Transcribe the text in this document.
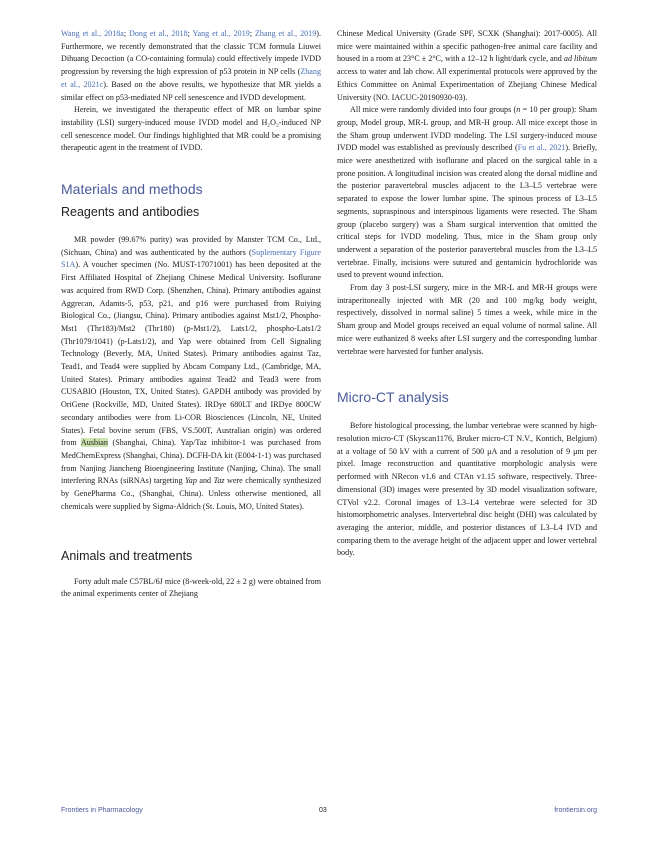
Wang et al., 2018a; Dong et al., 2018; Yang et al., 2019; Zhang et al., 2019). Furthermore, we recently demonstrated that the classic TCM formula Liuwei Dihuang Decoction (a CO-containing formula) could effectively impede IVDD progression by reversing the high expression of p53 protein in NP cells (Zhang et al., 2021c). Based on the above results, we hypothesize that MR yields a similar effect on p53-mediated NP cell senescence and IVDD development.

Herein, we investigated the therapeutic effect of MR on lumbar spine instability (LSI) surgery-induced mouse IVDD model and H₂O₂-induced NP cell senescence model. Our findings highlighted that MR could be a promising therapeutic agent in the treatment of IVDD.

Materials and methods
Reagents and antibodies

MR powder (99.67% purity) was provided by Manster TCM Co., Ltd., (Sichuan, China) and was authenticated by the authors (Suplementary Figure S1A). A voucher specimen (No. MUST-17071001) has been deposited at the First Affiliated Hospital of Zhejiang Chinese Medical University. Isoflurane was acquired from RWD Corp. (Shenzhen, China). Primary antibodies against Aggrecan, Adamts-5, p53, p21, and p16 were purchased from Ruiying Biological Co., (Jiangsu, China). Primary antibodies against Mst1/2, Phospho-Mst1 (Thr183)/Mst2 (Thr180) (p-Mst1/2), Lats1/2, phospho-Lats1/2 (Thr1079/1041) (p-Lats1/2), and Yap were obtained from Cell Signaling Technology (Beverly, MA, United States). Primary antibodies against Taz, Tead1, and Tead4 were supplied by Abcam Company Ltd., (Cambridge, MA, United States). Primary antibodies against Tead2 and Tead3 were from CUSABIO (Houston, TX, United States). GAPDH antibody was provided by OriGene (Rockville, MD, United States). IRDye 680LT and IRDye 800CW secondary antibodies were from Li-COR Biosciences (Lincoln, NE, United States). Fetal bovine serum (FBS, VS.500T, Australian origin) was ordered from Ausbian (Shanghai, China). Yap/Taz inhibitor-1 was purchased from MedChemExpress (Shanghai, China). DCFH-DA kit (E004-1-1) was purchased from Nanjing Jiancheng Bioengineering Institute (Nanjing, China). The small interfering RNAs (siRNAs) targeting Yap and Taz were chemically synthesized by GenePharma Co., (Shanghai, China). Unless otherwise mentioned, all chemicals were supplied by Sigma-Aldrich (St. Louis, MO, United States).

Animals and treatments

Forty adult male C57BL/6J mice (8-week-old, 22 ± 2 g) were obtained from the animal experiments center of Zhejiang

Chinese Medical University (Grade SPF, SCXK (Shanghai): 2017-0005). All mice were maintained within a specific pathogen-free animal care facility and housed in a room at 23°C ± 2°C, with a 12–12 h light/dark cycle, and ad libitum access to water and lab chow. All experimental protocols were approved by the Ethics Committee on Animal Experimentation of Zhejiang Chinese Medical University (NO. IACUC-20190930-03).

All mice were randomly divided into four groups (n = 10 per group): Sham group, Model group, MR-L group, and MR-H group. All mice except those in the Sham group underwent IVDD modeling. The LSI surgery-induced mouse IVDD model was established as previously described (Fu et al., 2021). Briefly, mice were anesthetized with isoflurane and placed on the surgical table in a prone position. A longitudinal incision was created along the dorsal midline and the posterior paravertebral muscles adjacent to the L3–L5 vertebrae were separated to expose the lower lumbar spine. The spinous process of L3–L5 segments, supraspinous and interspinous ligaments were resected. The Sham group (placebo surgery) was a Sham surgical intervention that omitted the critical steps for IVDD modeling. Thus, mice in the Sham group only underwent a separation of the posterior paravertebral muscles from the L3–L5 vertebrae. Finally, incisions were sutured and gentamicin hydrochloride was used to prevent wound infection.

From day 3 post-LSI surgery, mice in the MR-L and MR-H groups were intraperitoneally injected with MR (20 and 100 mg/kg body weight, respectively, dissolved in normal saline) 5 times a week, while mice in the Sham group and Model groups received an equal volume of normal saline. All mice were euthanized 8 weeks after LSI surgery and the corresponding lumbar vertebrae were harvested for further analysis.

Micro-CT analysis

Before histological processing, the lumbar vertebrae were scanned by high-resolution micro-CT (Skyscan1176, Bruker micro-CT N.V., Kontich, Belgium) at a voltage of 50 kV with a current of 500 μA and a resolution of 9 μm per pixel. Image reconstruction and quantitative morphologic analysis were performed with NRecon v1.6 and CTAn v1.15 software, respectively. Three-dimensional (3D) images were presented by 3D model visualization software, CTVol v2.2. Coronal images of L3–L4 vertebrae were selected for 3D histomorphometric analyses. Intervertebral disc height (DHI) was calculated by averaging the anterior, middle, and posterior distances of L3–L4 IVD and comparing them to the average height of the adjacent upper and lower vertebral body.

Frontiers in Pharmacology	03	frontiersin.org
